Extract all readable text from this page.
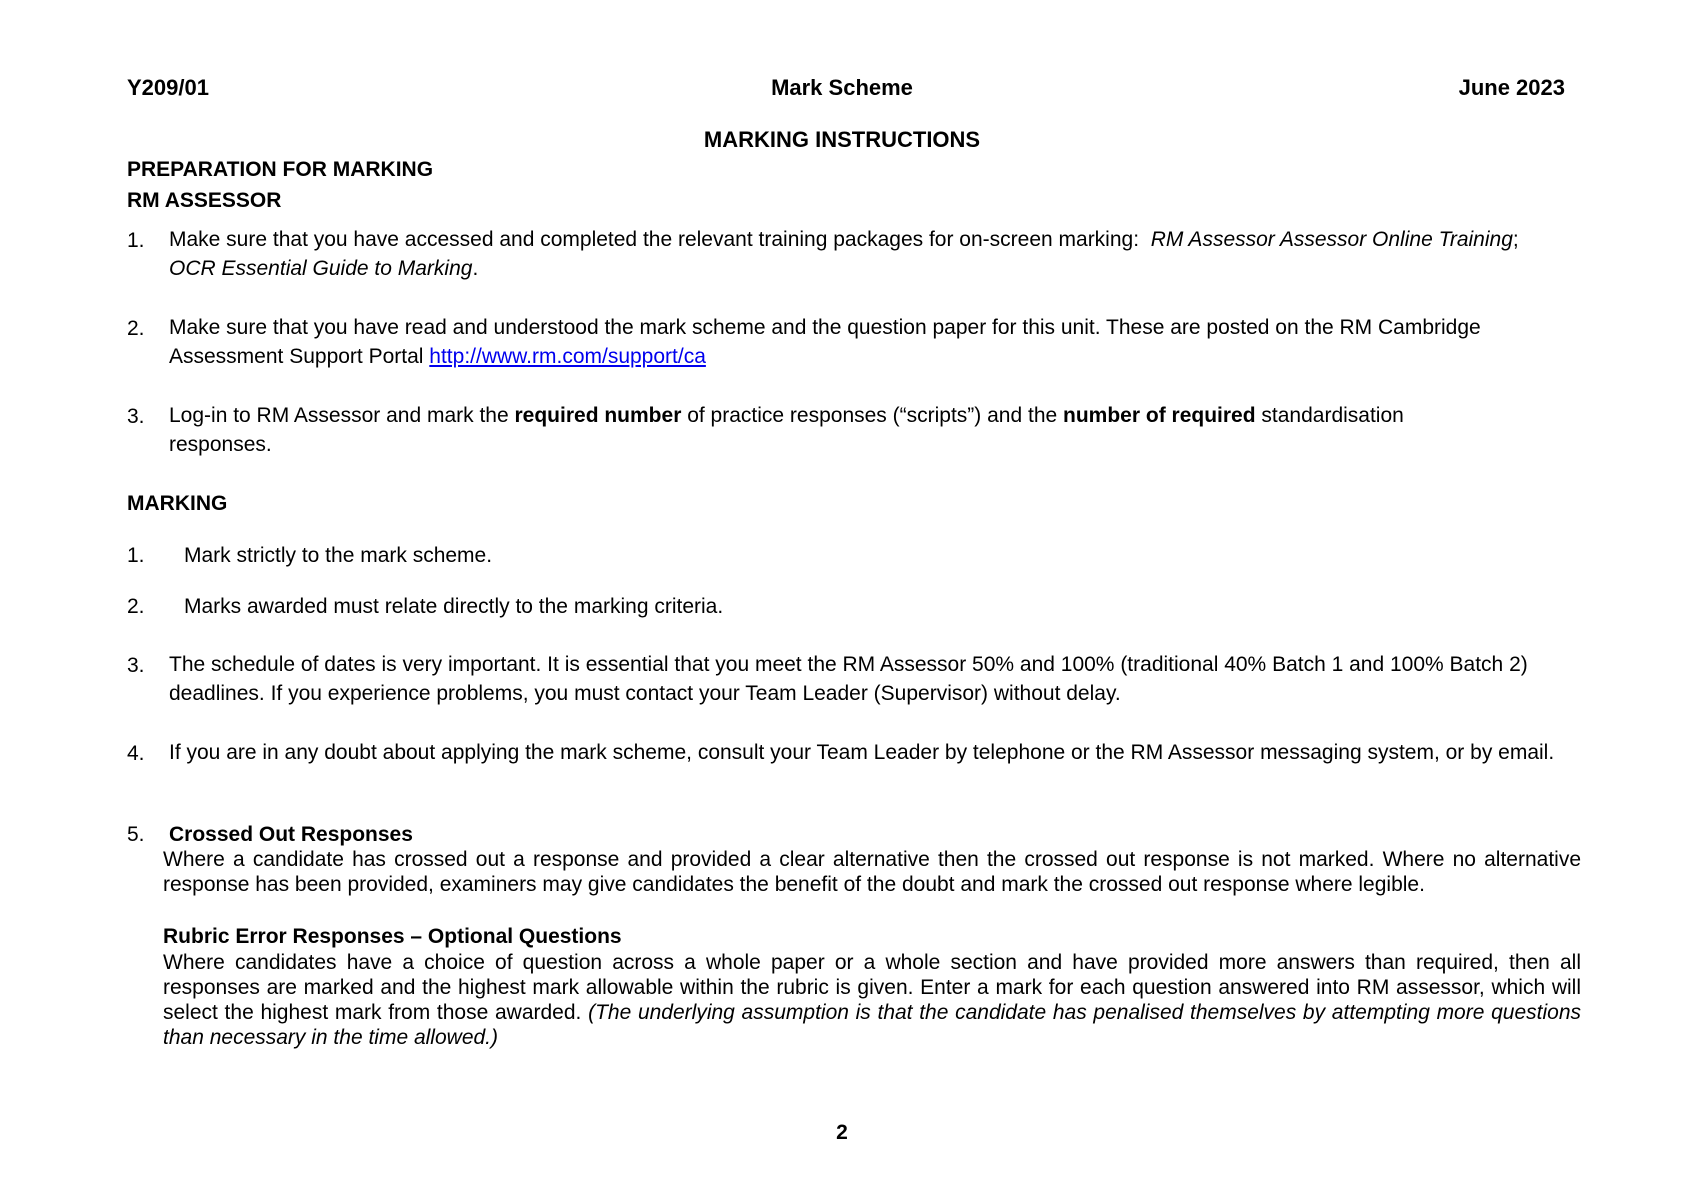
Y209/01	Mark Scheme	June 2023
MARKING INSTRUCTIONS
PREPARATION FOR MARKING
RM ASSESSOR
1. Make sure that you have accessed and completed the relevant training packages for on-screen marking: RM Assessor Assessor Online Training; OCR Essential Guide to Marking.
2. Make sure that you have read and understood the mark scheme and the question paper for this unit. These are posted on the RM Cambridge Assessment Support Portal http://www.rm.com/support/ca
3. Log-in to RM Assessor and mark the required number of practice responses (“scripts”) and the number of required standardisation responses.
MARKING
1. Mark strictly to the mark scheme.
2. Marks awarded must relate directly to the marking criteria.
3. The schedule of dates is very important. It is essential that you meet the RM Assessor 50% and 100% (traditional 40% Batch 1 and 100% Batch 2) deadlines. If you experience problems, you must contact your Team Leader (Supervisor) without delay.
4. If you are in any doubt about applying the mark scheme, consult your Team Leader by telephone or the RM Assessor messaging system, or by email.
5. Crossed Out Responses
Where a candidate has crossed out a response and provided a clear alternative then the crossed out response is not marked. Where no alternative response has been provided, examiners may give candidates the benefit of the doubt and mark the crossed out response where legible.
Rubric Error Responses – Optional Questions
Where candidates have a choice of question across a whole paper or a whole section and have provided more answers than required, then all responses are marked and the highest mark allowable within the rubric is given. Enter a mark for each question answered into RM assessor, which will select the highest mark from those awarded. (The underlying assumption is that the candidate has penalised themselves by attempting more questions than necessary in the time allowed.)
2
